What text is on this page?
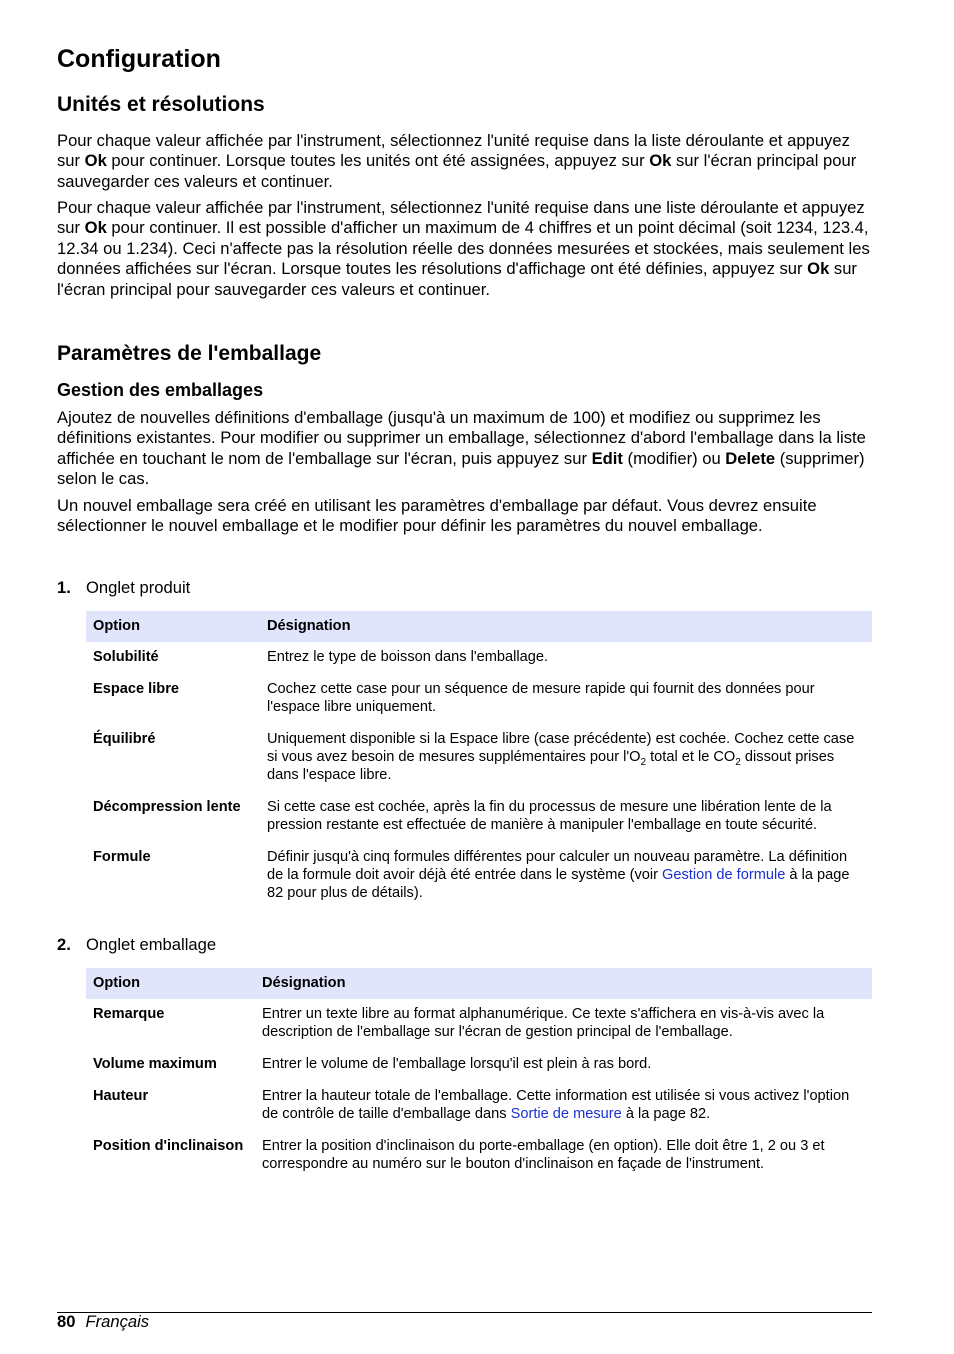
Configuration
Unités et résolutions

Pour chaque valeur affichée par l'instrument, sélectionnez l'unité requise dans la liste déroulante et appuyez sur Ok pour continuer. Lorsque toutes les unités ont été assignées, appuyez sur Ok sur l'écran principal pour sauvegarder ces valeurs et continuer.

Pour chaque valeur affichée par l'instrument, sélectionnez l'unité requise dans une liste déroulante et appuyez sur Ok pour continuer. Il est possible d'afficher un maximum de 4 chiffres et un point décimal (soit 1234, 123.4, 12.34 ou 1.234). Ceci n'affecte pas la résolution réelle des données mesurées et stockées, mais seulement les données affichées sur l'écran. Lorsque toutes les résolutions d'affichage ont été définies, appuyez sur Ok sur l'écran principal pour sauvegarder ces valeurs et continuer.

Paramètres de l'emballage
Gestion des emballages

Ajoutez de nouvelles définitions d'emballage (jusqu'à un maximum de 100) et modifiez ou supprimez les définitions existantes. Pour modifier ou supprimer un emballage, sélectionnez d'abord l'emballage dans la liste affichée en touchant le nom de l'emballage sur l'écran, puis appuyez sur Edit (modifier) ou Delete (supprimer) selon le cas.

Un nouvel emballage sera créé en utilisant les paramètres d'emballage par défaut. Vous devrez ensuite sélectionner le nouvel emballage et le modifier pour définir les paramètres du nouvel emballage.

1. Onglet produit
Option	Désignation
Solubilité	Entrez le type de boisson dans l'emballage.
Espace libre	Cochez cette case pour un séquence de mesure rapide qui fournit des données pour l'espace libre uniquement.
Équilibré	Uniquement disponible si la Espace libre (case précédente) est cochée. Cochez cette case si vous avez besoin de mesures supplémentaires pour $l'O_2$ total et le $CO_2$ dissout prises dans l'espace libre.
Décompression lente	Si cette case est cochée, après la fin du processus de mesure une libération lente de la pression restante est effectuée de manière à manipuler l'emballage en toute sécurité.
Formule	Définir jusqu'à cinq formules différentes pour calculer un nouveau paramètre. La définition de la formule doit avoir déjà été entrée dans le système (voir Gestion de formule à la page 82 pour plus de détails).
2. Onglet emballage
Option	Désignation
Remarque	Entrer un texte libre au format alphanumérique. Ce texte s'affichera en vis-à-vis avec la description de l'emballage sur l'écran de gestion principal de l'emballage.
Volume maximum	Entrer le volume de l'emballage lorsqu'il est plein à ras bord.
Hauteur	Entrer la hauteur totale de l'emballage. Cette information est utilisée si vous activez l'option de contrôle de taille d'emballage dans Sortie de mesure à la page 82.
Position d'inclinaison	Entrer la position d'inclinaison du porte-emballage (en option). Elle doit être 1, 2 ou 3 et correspondre au numéro sur le bouton d'inclinaison en façade de l'instrument.
80 Français
